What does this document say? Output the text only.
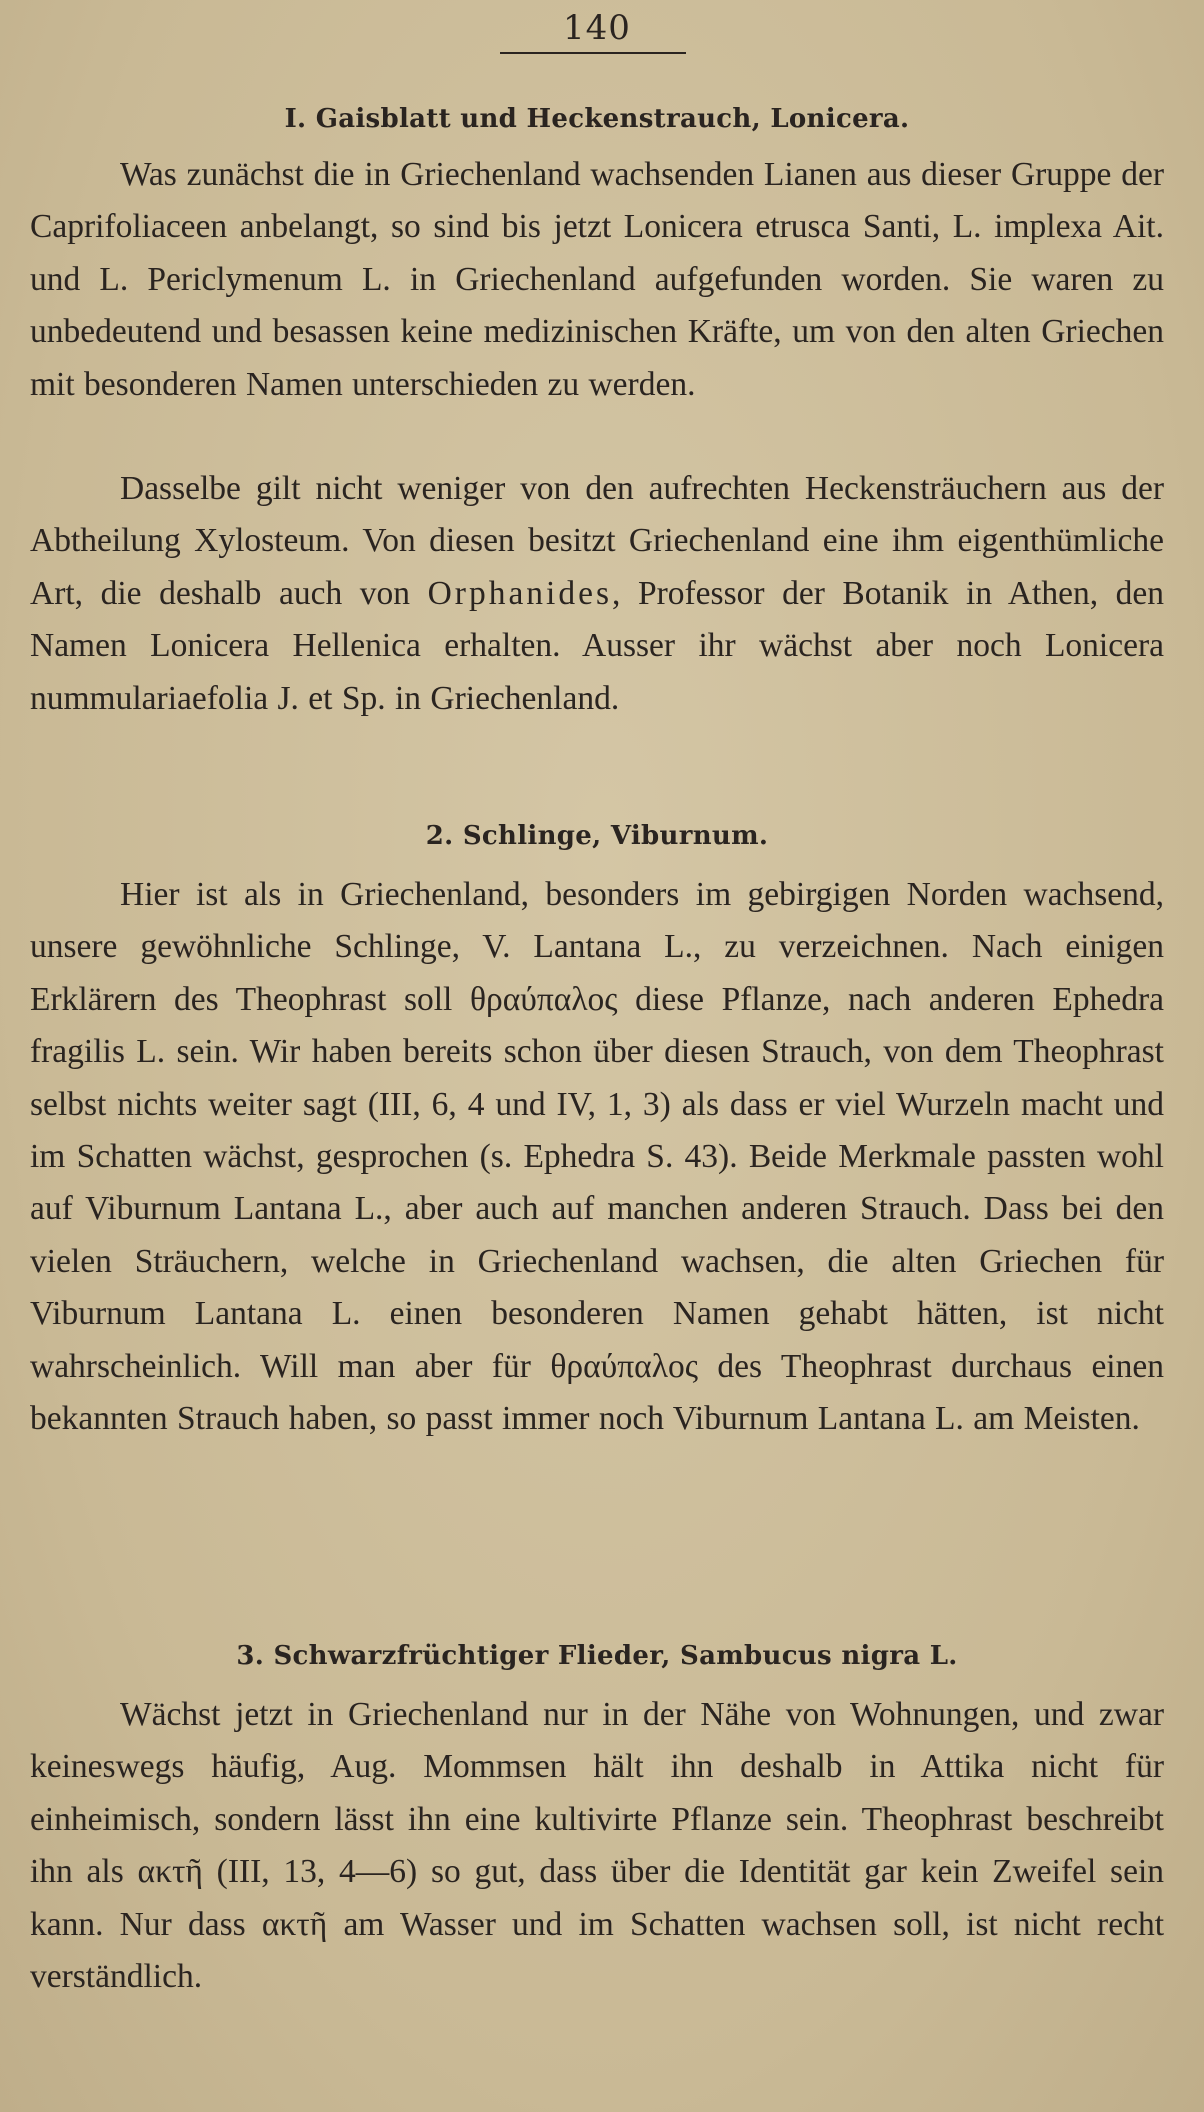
140
I. Gaisblatt und Heckenstrauch, Lonicera.

Was zunächst die in Griechenland wachsenden Lianen aus dieser Gruppe der Caprifoliaceen anbelangt, so sind bis jetzt Lonicera etrusca Santi, L. implexa Ait. und L. Periclymenum L. in Griechenland aufgefunden worden. Sie waren zu unbedeutend und besassen keine medizinischen Kräfte, um von den alten Griechen mit besonderen Namen unterschieden zu werden.

Dasselbe gilt nicht weniger von den aufrechten Heckensträuchern aus der Abtheilung Xylosteum. Von diesen besitzt Griechenland eine ihm eigenthümliche Art, die deshalb auch von Orphanides, Professor der Botanik in Athen, den Namen Lonicera Hellenica erhalten. Ausser ihr wächst aber noch Lonicera nummulariaefolia J. et Sp. in Griechenland.

2. Schlinge, Viburnum.

Hier ist als in Griechenland, besonders im gebirgigen Norden wachsend, unsere gewöhnliche Schlinge, V. Lantana L., zu verzeichnen. Nach einigen Erklärern des Theophrast soll θραύπαλος diese Pflanze, nach anderen Ephedra fragilis L. sein. Wir haben bereits schon über diesen Strauch, von dem Theophrast selbst nichts weiter sagt (III, 6, 4 und IV, 1, 3) als dass er viel Wurzeln macht und im Schatten wächst, gesprochen (s. Ephedra S. 43). Beide Merkmale passten wohl auf Viburnum Lantana L., aber auch auf manchen anderen Strauch. Dass bei den vielen Sträuchern, welche in Griechenland wachsen, die alten Griechen für Viburnum Lantana L. einen besonderen Namen gehabt hätten, ist nicht wahrscheinlich. Will man aber für θραύπαλος des Theophrast durchaus einen bekannten Strauch haben, so passt immer noch Viburnum Lantana L. am Meisten.

3. Schwarzfrüchtiger Flieder, Sambucus nigra L.

Wächst jetzt in Griechenland nur in der Nähe von Wohnungen, und zwar keineswegs häufig, Aug. Mommsen hält ihn deshalb in Attika nicht für einheimisch, sondern lässt ihn eine kultivirte Pflanze sein. Theophrast beschreibt ihn als ακτῆ (III, 13, 4—6) so gut, dass über die Identität gar kein Zweifel sein kann. Nur dass ακτῆ am Wasser und im Schatten wachsen soll, ist nicht recht verständlich.
